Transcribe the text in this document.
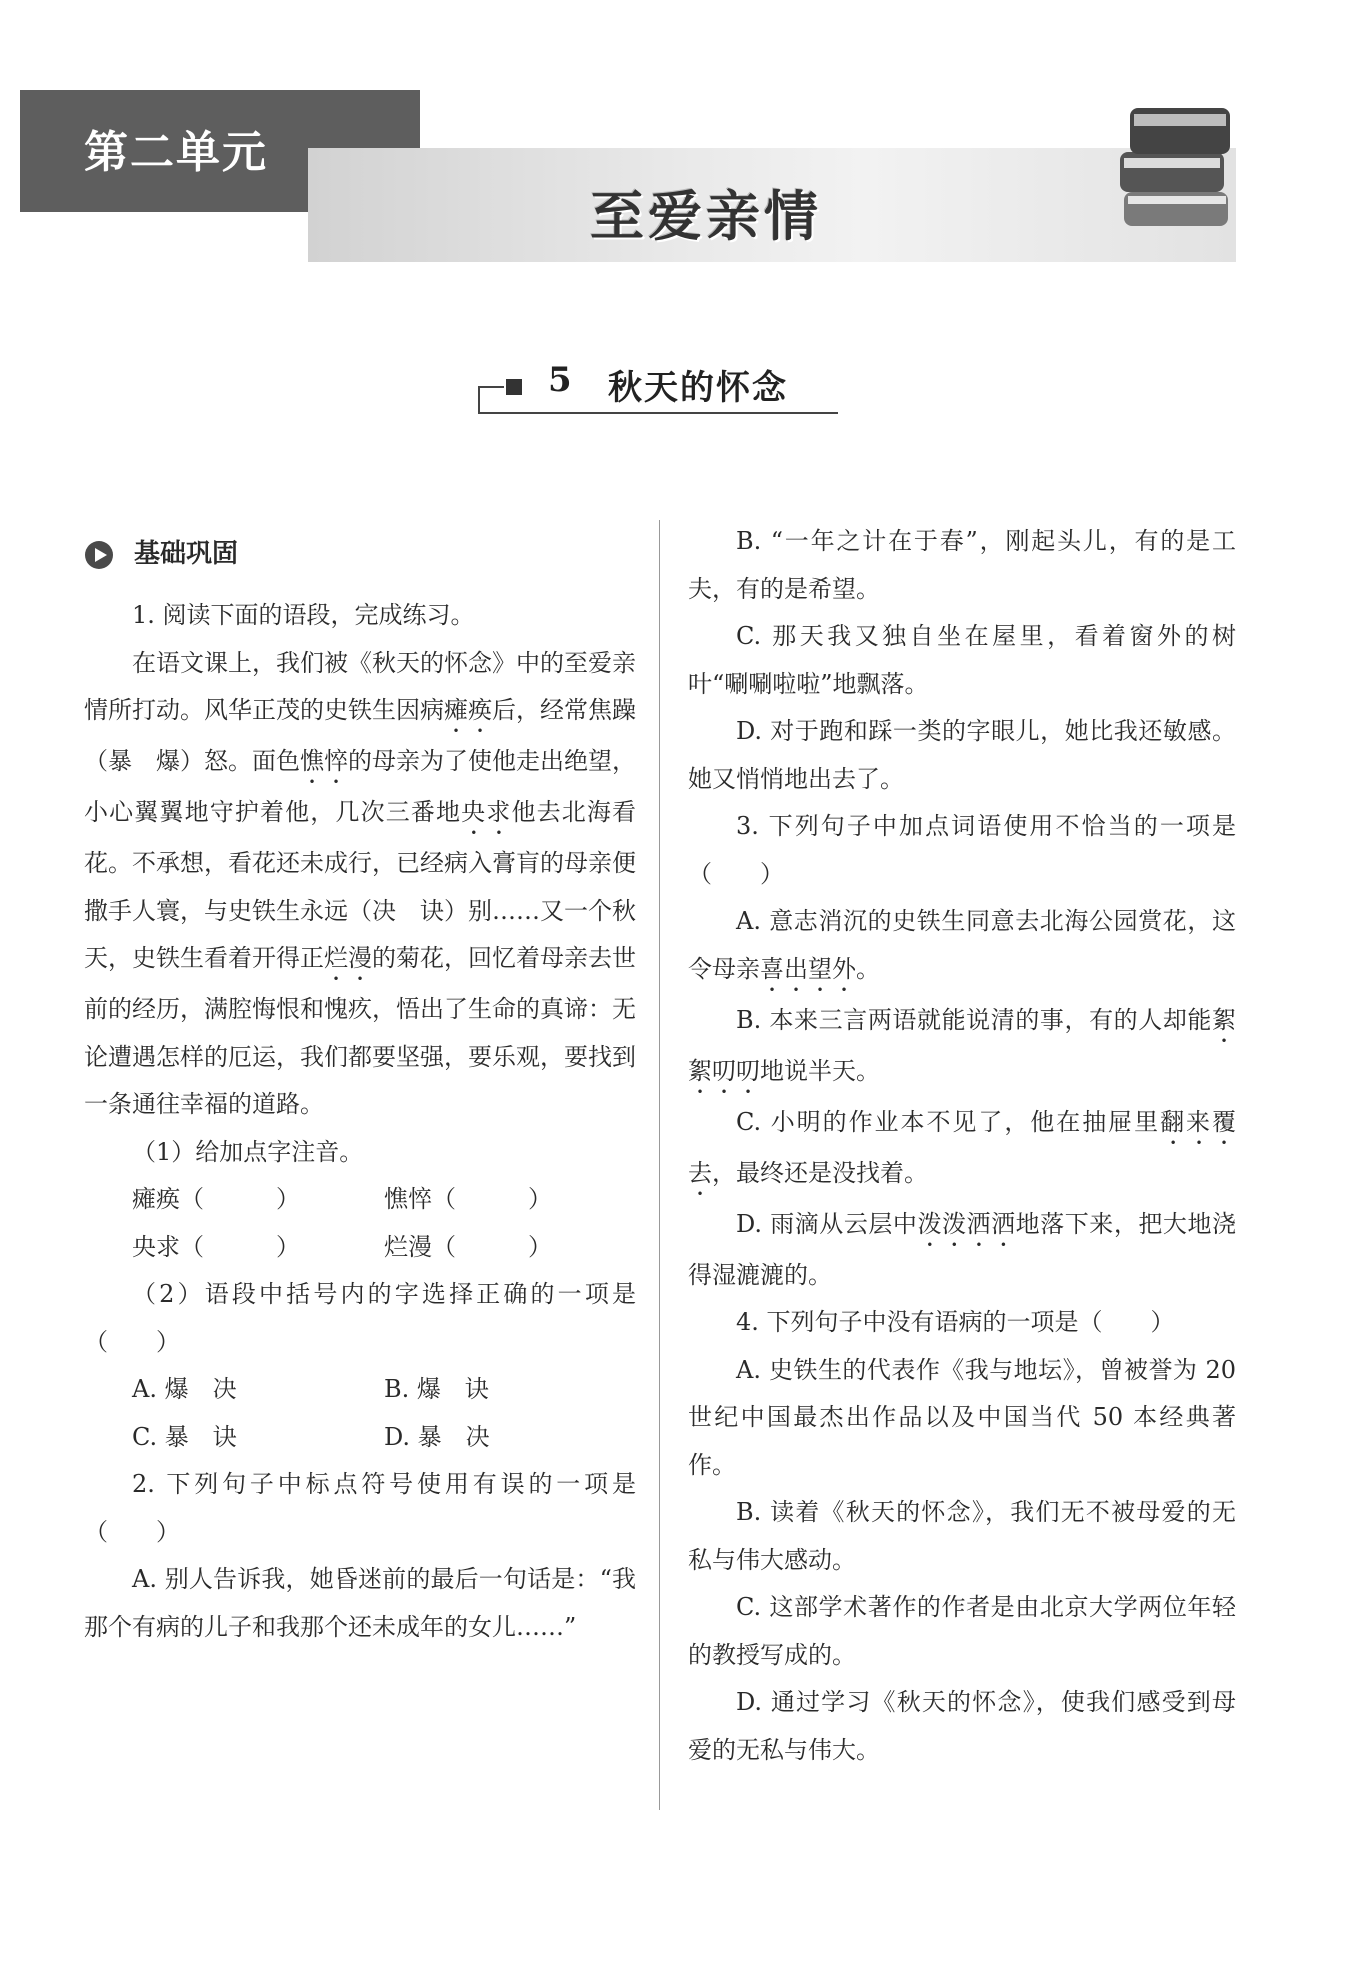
第二单元
至爱亲情
5 秋天的怀念
基础巩固

1. 阅读下面的语段，完成练习。

在语文课上，我们被《秋天的怀念》中的至爱亲情所打动。风华正茂的史铁生因病瘫痪后，经常焦躁（暴　爆）怒。面色憔悴的母亲为了使他走出绝望，小心翼翼地守护着他，几次三番地央求他去北海看花。不承想，看花还未成行，已经病入膏肓的母亲便撒手人寰，与史铁生永远（决　诀）别……又一个秋天，史铁生看着开得正烂漫的菊花，回忆着母亲去世前的经历，满腔悔恨和愧疚，悟出了生命的真谛：无论遭遇怎样的厄运，我们都要坚强，要乐观，要找到一条通往幸福的道路。

（1）给加点字注音。

瘫痪（　　　）	憔悴（　　　）
央求（　　　）	烂漫（　　　）

（2）语段中括号内的字选择正确的一项是（　　）

A. 爆　决	B. 爆　诀
C. 暴　诀	D. 暴　决

2. 下列句子中标点符号使用有误的一项是（　　）

A. 别人告诉我，她昏迷前的最后一句话是：“我那个有病的儿子和我那个还未成年的女儿……”

B. “一年之计在于春”，刚起头儿，有的是工夫，有的是希望。

C. 那天我又独自坐在屋里，看着窗外的树叶“唰唰啦啦”地飘落。

D. 对于跑和踩一类的字眼儿，她比我还敏感。她又悄悄地出去了。

3. 下列句子中加点词语使用不恰当的一项是（　　）

A. 意志消沉的史铁生同意去北海公园赏花，这令母亲喜出望外。

B. 本来三言两语就能说清的事，有的人却能絮絮叨叨地说半天。

C. 小明的作业本不见了，他在抽屉里翻来覆去，最终还是没找着。

D. 雨滴从云层中泼泼洒洒地落下来，把大地浇得湿漉漉的。

4. 下列句子中没有语病的一项是（　　）

A. 史铁生的代表作《我与地坛》，曾被誉为 20 世纪中国最杰出作品以及中国当代 50 本经典著作。

B. 读着《秋天的怀念》，我们无不被母爱的无私与伟大感动。

C. 这部学术著作的作者是由北京大学两位年轻的教授写成的。

D. 通过学习《秋天的怀念》，使我们感受到母爱的无私与伟大。
